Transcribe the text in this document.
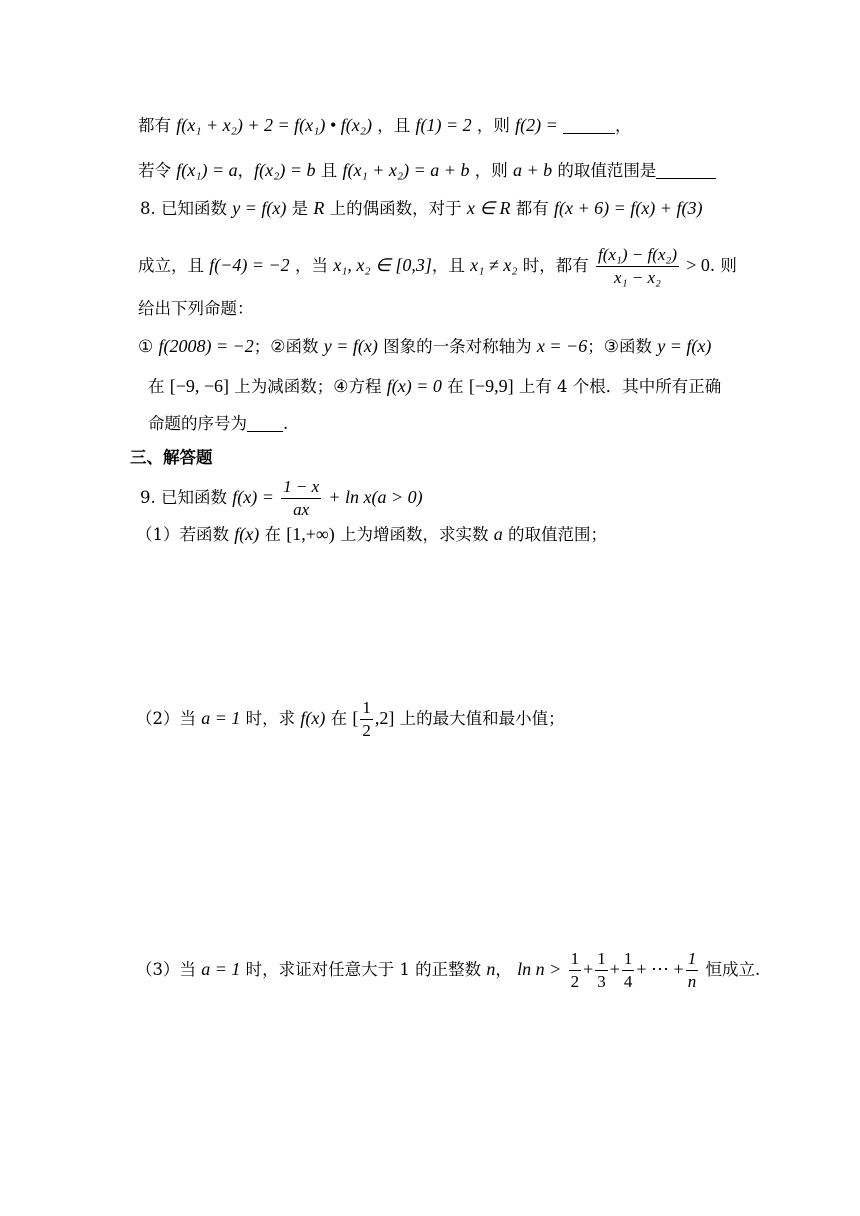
都有 f(x₁ + x₂) + 2 = f(x₁) • f(x₂) ，且 f(1) = 2 ，则 f(2) =	，
若令 f(x₁) = a，f(x₂) = b 且 f(x₁ + x₂) = a + b ，则 a + b 的取值范围是
8. 已知函数 y = f(x) 是 R 上的偶函数，对于 x ∈ R 都有 f(x + 6) = f(x) + f(3)
成立，且 f(−4) = −2 ，当 x₁, x₂ ∈ [0,3]，且 x₁ ≠ x₂ 时，都有 $\frac{\text{f(x₁) − f(x₂)}}{\text{x₁ − x₂}} > 0$. 则
给出下列命题：
① f(2008) = −2；②函数 y = f(x) 图象的一条对称轴为 x = −6；③函数 y = f(x)
在 [−9, −6] 上为减函数；④方程 f(x) = 0 在 [−9,9] 上有 4 个根．其中所有正确
命题的序号为 .
三、解答题
9. 已知函数 $f(x) = \frac{1 - x}{ax} + \ln x(a > 0)$
（1）若函数 f(x) 在 [1,+∞) 上为增函数，求实数 a 的取值范围；
（2）当 a = 1 时，求 f(x) 在 [ $\frac{1}{2} ,2$] 上的最大值和最小值；
（3）当 a = 1 时，求证对任意大于 1 的正整数 n， $\ln n > \frac{1}{2} + \frac{1}{3} + \frac{1}{4}$ + ⋯ + $\frac{1}{n}$ 恒成立.
